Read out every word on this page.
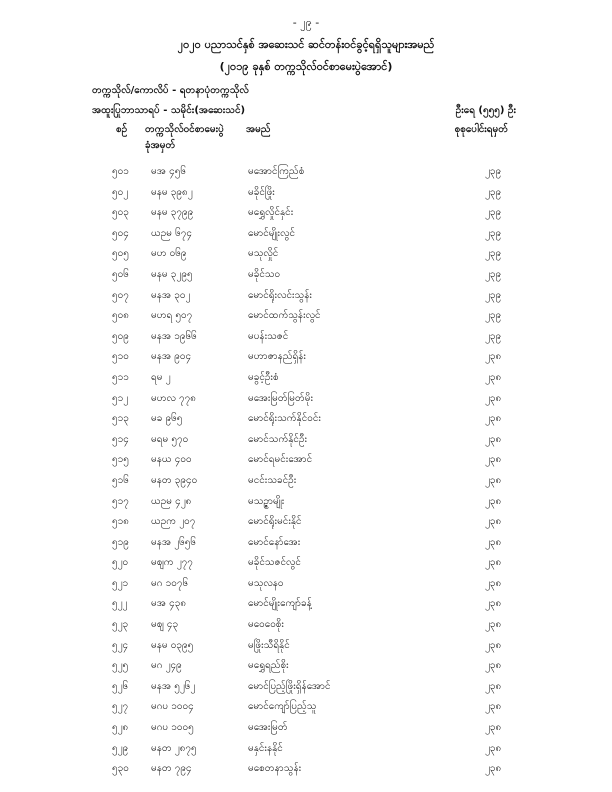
- ၂၉ -
၂၀၂၀ ပညာသင်နှစ် အဆေးသင် ဆင်တန်းဝင်ခွင့်ရရှိသူများအမည်
(၂၀၁၉ ခုနှစ် တက္ကသိုလ်ဝင်စာမေးပွဲအောင်)
တက္ကသိုလ်/ကောလိပ် - ရတနာပုံတက္ကသိုလ်
အထူးပြုဘာသာရပ် - သမိုင်း(အဆေးသင်)	ဦးရေ (၅၅၅) ဦး
စဉ် တက္ကသိုလ်ဝင်စာမေးပွဲ
ခုံအမှတ်
အမည်	စုစုပေါင်းရမှတ်
၅၀၁ မအ ၄၅၆	မအောင်ကြည်စံ	၂၃၉
၅၀၂ မနမ ၃၉၈၂	မခိုင်ဖြိုး	၂၃၉
၅၀၃ မနမ ၃၇၉၉	မရွှေလှိုင်နှင်း	၂၃၉
၅၀၄ ယဉမ ၆၇၄	မောင်မျိုးလွင်	၂၃၉
၅၀၅ မဟ ၀၆၉	မသုလှိုင်	၂၃၉
၅၀၆ မနမ ၃၂၉၅	မခိုင်သဝ	၂၃၉
၅၀၇ မနအ ၃၀၂	မောင်ရိုးလင်းသွန်း	၂၃၉
၅၀၈ မဟရ ၅၀၇	မောင်ထက်သွန်းလွင်	၂၃၉
၅၀၉ မနအ ၁၉၆၆	မပန်းသဇင်	၂၃၉
၅၁၀ မနအ ၉၀၄	မဟာဇာနည်ရှိန်း	၂၃၈
၅၁၁ ရမ ၂	မခွင့်ဦးစံ	၂၃၈
၅၁၂ မဟလ ၇၇၈	မအေးမြတ်မြတ်မိုး	၂၃၈
၅၁၃ မခ ၉၆၅	မောင်ရိုးသက်နိုင်ဝင်း	၂၃၈
၅၁၄ မရမ ၅၇၀	မောင်သက်နိုင်ဦး	၂၃၈
၅၁၅ မနယ ၄၀၀	မောင်ရမင်းအောင်	၂၃၈
၅၁၆ မနတ ၃၉၄၀	မငင်းသခင်ဦး	၂၃၈
၅၁၇ ယဉမ ၄၂၈	မသဉ္ဇာမျိုး	၂၃၈
၅၁၈ ယဉက ၂၀၇	မောင်ရိုးမင်းနိုင်	၂၃၈
၅၁၉ မနအ ၂၆၅၆	မောင်နော်အေး	၂၃၈
၅၂၀ မဈက ၂၇၇	မခိုင်သဇင်လွင်	၂၃၈
၅၂၁ မဂ ၁၀၇၆	မသုလနဝ	၂၃၈
၅၂၂ မအ ၄၃၈	မောင်မျိုးကျော်ခန့်	၂၃၈
၅၂၃ မဈ ၄၃	မဝေဝေစိုး	၂၃၈
၅၂၄ မနမ ၀၃၉၅	မဖြိုးသီရိနိုင်	၂၃၈
၅၂၅ မဂ ၂၄၉	မရွှေရည်စိုး	၂၃၈
၅၂၆ မနအ ၅၂၆၂	မောင်ပြည့်ဖြိုးရှိန်အောင်	၂၃၈
၅၂၇ မဂပ ၁၀၀၄	မောင်ကျော်ပြည့်သူ	၂၃၈
၅၂၈ မဂပ ၁၀၀၅	မအေးမြတ်	၂၃၈
၅၂၉ မနတ ၂၈၇၅	မနှင်းနနိုင်	၂၃၈
၅၃၀ မနတ ၇၉၄	မစေတနာသွန်း	၂၃၈
